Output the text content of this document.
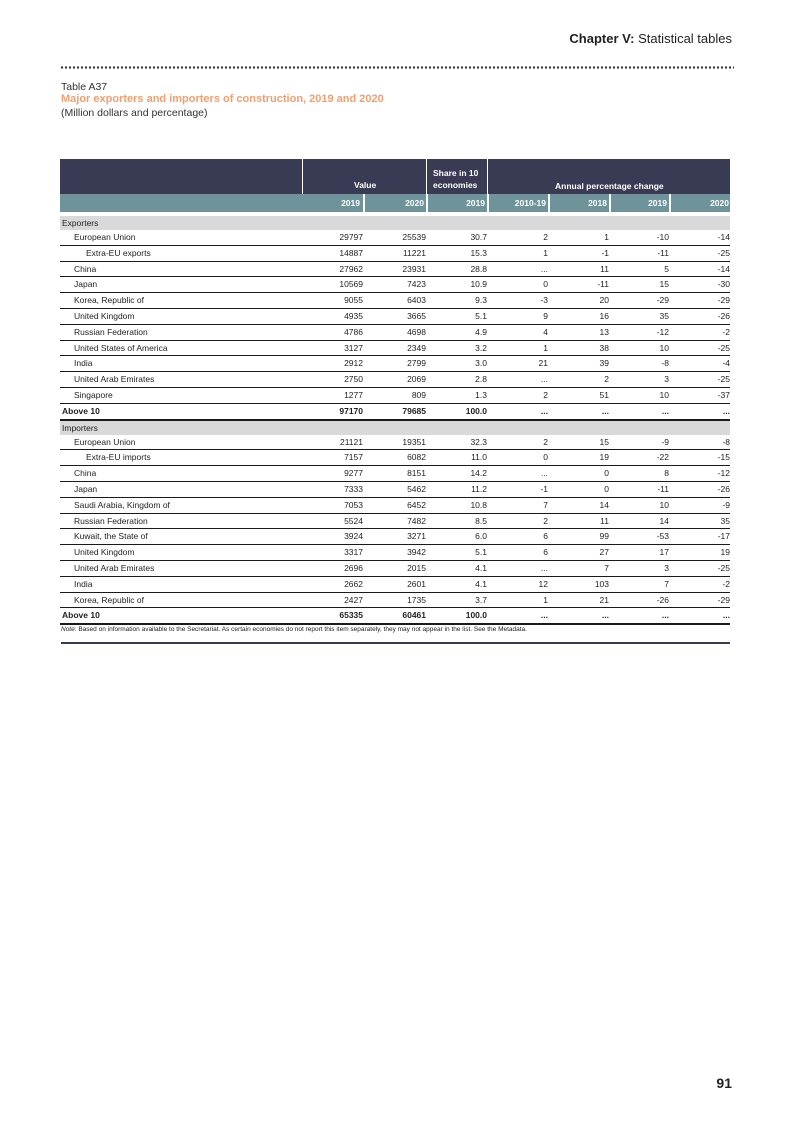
Chapter V: Statistical tables
Table A37
Major exporters and importers of construction, 2019 and 2020
(Million dollars and percentage)
Value
Share in 10
economies	Annual percentage change
2019	2020	2019	2010-19	2018	2019	2020
Exporters
European Union	29797	25539	30.7	2	1	-10	-14
Extra-EU exports	14887	11221	15.3	1	-1	-11	-25
China	27962	23931	28.8	...	11	5	-14
Japan	10569	7423	10.9	0	-11	15	-30
Korea, Republic of	9055	6403	9.3	-3	20	-29	-29
United Kingdom	4935	3665	5.1	9	16	35	-26
Russian Federation	4786	4698	4.9	4	13	-12	-2
United States of America	3127	2349	3.2	1	38	10	-25
India	2912	2799	3.0	21	39	-8	-4
United Arab Emirates	2750	2069	2.8	...	2	3	-25
Singapore	1277	809	1.3	2	51	10	-37
Above 10	97170	79685	100.0	...	...	...	...
Importers
European Union	21121	19351	32.3	2	15	-9	-8
Extra-EU imports	7157	6082	11.0	0	19	-22	-15
China	9277	8151	14.2	...	0	8	-12
Japan	7333	5462	11.2	-1	0	-11	-26
Saudi Arabia, Kingdom of	7053	6452	10.8	7	14	10	-9
Russian Federation	5524	7482	8.5	2	11	14	35
Kuwait, the State of	3924	3271	6.0	6	99	-53	-17
United Kingdom	3317	3942	5.1	6	27	17	19
United Arab Emirates	2696	2015	4.1	...	7	3	-25
India	2662	2601	4.1	12	103	7	-2
Korea, Republic of	2427	1735	3.7	1	21	-26	-29
Above 10	65335	60461	100.0	...	...	...	...
Note: Based on information available to the Secretariat. As certain economies do not report this item separately, they may not appear in the list. See the Metadata.
91
